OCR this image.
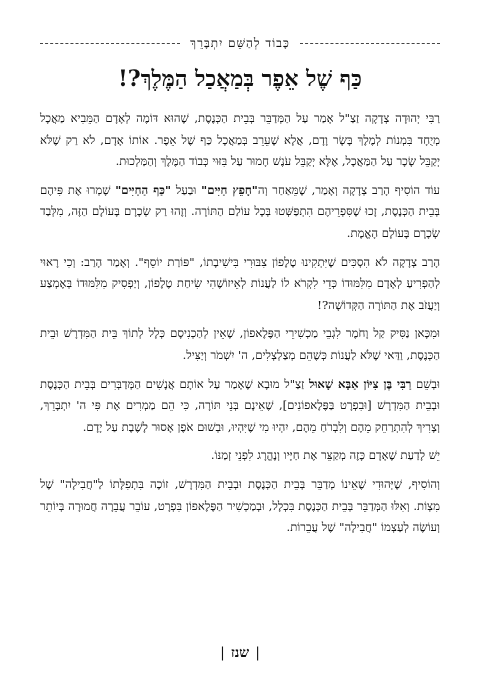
כָּבוֹד לְהַשֵּׁם יִתְבָּרֵךְ
כַּף שֶׁל אֵפֶר בְּמַאֲכַל הַמֶּלֶךְ?!

רַבִּי יְהוּדָה צְדָקָה זַצַ"ל אָמַר עַל הַמְּדַבֵּר בְּבֵית הַכְּנֶסֶת, שֶׁהוּא דּוֹמֶה לְאָדָם הַמֵּבִיא מַאֲכָל מְיֻחָד בִּמְנוֹת לְמֶלֶךְ בָּשָׂר וָדָם, אֲלָא שֶׁעֵרֵב בְּמַאֲכָל כַּף שֶׁל אֵפֶר. אוֹתוֹ אָדָם, לֹא רַק שֶׁלֹּא יְקַבֵּל שָׂכָר עַל הַמַּאֲכָל, אֶלָּא יְקַבֵּל עֹנֶשׁ חָמוּר עַל בִּזּוּי כְּבוֹד הַמֶּלֶךְ וְהַמַּלְכוּת.

עוֹד הוֹסִיף הָרַב צְדָקָה וְאָמַר, שֶׁמֵּאַחַר וְה"חָפֵץ חַיִּים" וּבַעַל "כַּף הַחַיִּים" שָׁמְרוּ אֶת פִּיהֶם בְּבֵית הַכְּנֶסֶת, זָכוּ שֶׁסִּפְרֵיהֶם הִתְפַּשְּׁטוּ בְּכָל עוֹלַם הַתּוֹרָה. וְזֶהוּ רַק שְׂכָרָם בָּעוֹלָם הַזֶּה, מִלְּבַד שְׂכָרָם בָּעוֹלָם הָאֱמֶת.

הָרַב צְדָקָה לֹא הִסְכִּים שֶׁיִּתְקִינוּ טֶלֶפוֹן צִבּוּרִי בִּישִׁיבָתוֹ, "פּוֹרַת יוֹסֵף". וְאָמַר הָרַב: וְכִי רָאוּי לְהַפְרִיעַ לְאָדָם מִלִּמּוּדוֹ כְּדֵי לִקְרֹא לוֹ לַעֲנוֹת לְאֵיזוֹשֶׁהִי שִׂיחַת טֶלֶפוֹן, וְיַפְסִיק מִלִּמּוּדוֹ בְּאֶמְצַע וְיַעֲזֹב אֶת הַתּוֹרָה הַקְּדוֹשָׁה?!

וּמִכָּאן נַסִּיק קַל וָחֹמֶר לִגְבֵי מַכְשִׁירֵי הַפֶּלֶאפוֹן, שֶׁאֵין לְהַכְנִיסָם כְּלָל לְתוֹךְ בֵּית הַמִּדְרָשׁ וּבֵית הַכְּנֶסֶת, וַדַּאי שֶׁלֹּא לַעֲנוֹת כְּשֶׁהֵם מְצַלְצְלִים, ה' יִשְׁמֹר וְיַצִּיל.

וּבְשֵׁם רַבִּי בֶּן צִיּוֹן אַבָּא שָׁאוּל זַצַ"ל מוּבָא שֶׁאָמַר עַל אוֹתָם אֲנָשִׁים הַמְּדַבְּרִים בְּבֵית הַכְּנֶסֶת וּבְבֵית הַמִּדְרָשׁ [וּבִפְרָט בַּפֶּלֶאפוֹנִים], שֶׁאֵינָם בְּנֵי תּוֹרָה, כִּי הֵם מַמְרִים אֶת פִּי ה' יִתְבָּרֵךְ, וְצָרִיךְ לְהִתְרַחֵק מֵהֶם וְלִבְרֹחַ מֵהֶם, יִהְיוּ מִי שֶׁיִּהְיוּ, וּבְשׁוּם אֹפֶן אָסוּר לָשֶׁבֶת עַל יָדָם.

יֵשׁ לָדַעַת שֶׁאָדָם כָּזֶה מְקַצֵּר אֶת חַיָּיו וְנֶהֱרָג לִפְנֵי זְמַנּוֹ.

וְהוֹסִיף, שֶׁיְּהוּדִי שֶׁאֵינוֹ מְדַבֵּר בְּבֵית הַכְּנֶסֶת וּבְבֵית הַמִּדְרָשׁ, זוֹכֶה בִּתְפִלָּתוֹ לַ"חֲבִילָה" שֶׁל מִצְוֹת. וְאִלּוּ הַמְּדַבֵּר בְּבֵית הַכְּנֶסֶת בִּכְלָל, וּבְמַכְשִׁיר הַפֶּלֶאפוֹן בִּפְרָט, עוֹבֵר עֲבֵרָה חֲמוּרָה בְּיוֹתֵר וְעוֹשֶׂה לְעַצְמוֹ "חֲבִילָה" שֶׁל עֲבֵרוֹת.

|שנז|
